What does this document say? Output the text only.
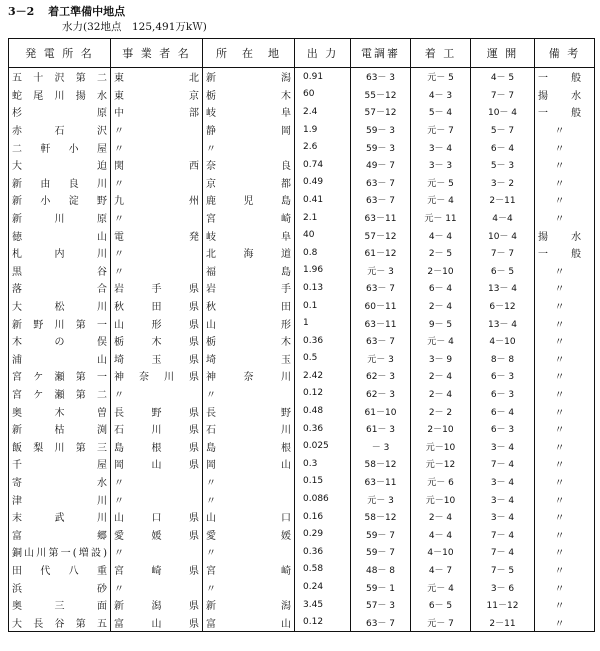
3－2 着工準備中地点
水力(32地点　125,491万kＷ)
発 電 所 名	事 業 者 名	所　在　地	出 力	電調審	着 工	運 開	備 考
五十沢第二	東　北	新　潟	0.91	63－ 3	元－ 5	4－ 5	一 般
蛇尾川揚水	東　京	栃　木	60	55－12	4－ 3	7－ 7	揚 水
杉　原	中　部	岐　阜	2.4	57－12	5－ 4	10－ 4	一 般
赤　石　沢	〃	静　岡	1.9	59－ 3	元－ 7	5－ 7	〃
二　軒　小　屋	〃	〃	2.6	59－ 3	3－ 4	6－ 4	〃
大　迫	関　西	奈　良	0.74	49－ 7	3－ 3	5－ 3	〃
新　由　良　川	〃	京　都	0.49	63－ 7	元－ 5	3－ 2	〃
新　小　淀　野	九　州	鹿児島	0.41	63－ 7	元－ 4	2－11	〃
新　川　原	〃	宮　崎	2.1	63－11	元－ 11	4－4	〃
徳　山	電　発	岐　阜	40	57－12	4－ 4	10－ 4	揚 水
札　内　川	〃	北海道	0.8	61－12	2－ 5	7－ 7	一 般
黒　谷	〃	福　島	1.96	元－ 3	2－10	6－ 5	〃
落　合	岩手県	岩　手	0.13	63－ 7	6－ 4	13－ 4	〃
大　松　川	秋田県	秋　田	0.1	60－11	2－ 4	6－12	〃
新野川第一	山形県	山　形	1	63－11	9－ 5	13－ 4	〃
木　の　俣	栃木県	栃　木	0.36	63－ 7	元－ 4	4－10	〃
浦　山	埼玉県	埼　玉	0.5	元－ 3	3－ 9	8－ 8	〃
宮ケ瀬第一	神奈川県	神奈川	2.42	62－ 3	2－ 4	6－ 3	〃
宮ケ瀬第二	〃	〃	0.12	62－ 3	2－ 4	6－ 3	〃
奥　木　曽	長野県	長　野	0.48	61－10	2－ 2	6－ 4	〃
新　枯　渕	石川県	石　川	0.36	61－ 3	2－10	6－ 3	〃
飯梨川第三	島根県	島　根	0.025	－ 3	元－10	3－ 4	〃
千　屋	岡山県	岡　山	0.3	58－12	元－12	7－ 4	〃
寄　水	〃	〃	0.15	63－11	元－ 6	3－ 4	〃
津　川	〃	〃	0.086	元－ 3	元－10	3－ 4	〃
末　武　川	山口県	山　口	0.16	58－12	2－ 4	3－ 4	〃
富　郷	愛媛県	愛　媛	0.29	59－ 7	4－ 4	7－ 4	〃
銅山川第一(増設)	〃	〃	0.36	59－ 7	4－10	7－ 4	〃
田代八重	宮崎県	宮　崎	0.58	48－ 8	4－ 7	7－ 5	〃
浜　砂	〃	〃	0.24	59－ 1	元－ 4	3－ 6	〃
奥　三　面	新潟県	新　潟	3.45	57－ 3	6－ 5	11－12	〃
大長谷第五	富山県	富　山	0.12	63－ 7	元－ 7	2－11	〃
